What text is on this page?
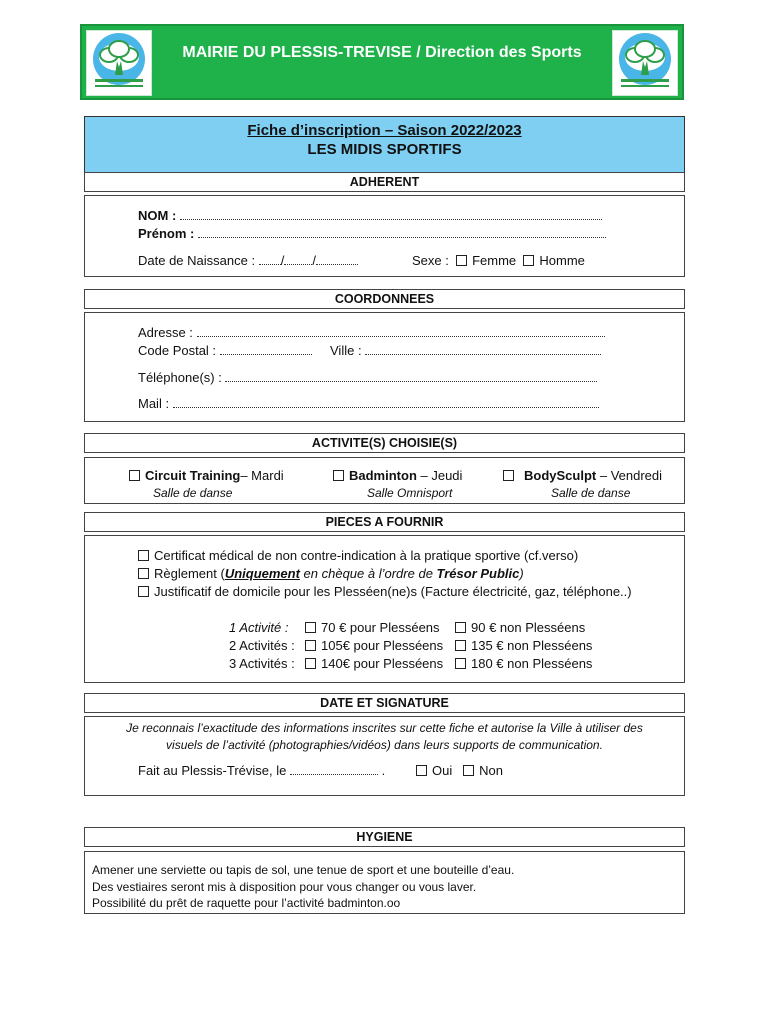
MAIRIE DU PLESSIS-TREVISE / Direction des Sports
Fiche d’inscription – Saison 2022/2023
LES MIDIS SPORTIFS
ADHERENT
NOM :
Prénom :
Date de Naissance : / /	Sexe : Femme Homme
COORDONNEES
Adresse :
Code Postal :	Ville :
Téléphone(s) :
Mail :
ACTIVITE(S) CHOISIE(S)
Circuit Training– Mardi
Salle de danse
Badminton – Jeudi
Salle Omnisport
BodySculpt – Vendredi
Salle de danse
PIECES A FOURNIR
Certificat médical de non contre-indication à la pratique sportive (cf.verso)
Règlement (Uniquement en chèque à l’ordre de Trésor Public)
Justificatif de domicile pour les Plesséen(ne)s (Facture électricité, gaz, téléphone..)
1 Activité :	70 € pour Plesséens 90 € non Plesséens
2 Activités : 105€ pour Plesséens 135 € non Plesséens
3 Activités : 140€ pour Plesséens 180 € non Plesséens
DATE ET SIGNATURE
Je reconnais l’exactitude des informations inscrites sur cette fiche et autorise la Ville à utiliser des
visuels de l’activité (photographies/vidéos) dans leurs supports de communication.
Fait au Plessis-Trévise, le	.	Oui Non
HYGIENE
Amener une serviette ou tapis de sol, une tenue de sport et une bouteille d’eau.
Des vestiaires seront mis à disposition pour vous changer ou vous laver.
Possibilité du prêt de raquette pour l’activité badminton.oo
